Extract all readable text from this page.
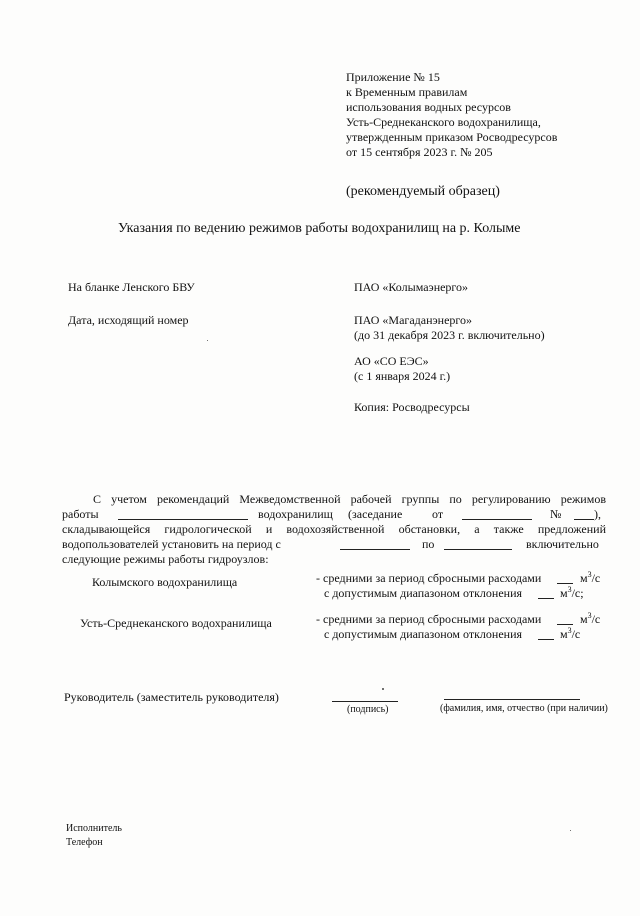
Приложение № 15
к Временным правилам
использования водных ресурсов
Усть-Среднеканского водохранилища,
утвержденным приказом Росводресурсов
от 15 сентября 2023 г. № 205
(рекомендуемый образец)
Указания по ведению режимов работы водохранилищ на р. Колыме
На бланке Ленского БВУ
Дата, исходящий номер
ПАО «Колымаэнерго»
ПАО «Магаданэнерго»
(до 31 декабря 2023 г. включительно)
АО «СО ЕЭС»
(с 1 января 2024 г.)
Копия: Росводресурсы
С учетом рекомендаций Межведомственной рабочей группы по регулированию режимов
работы	водохранилищ (заседание от	№	),
складывающейся гидрологической и водохозяйственной обстановки, а также предложений
водопользователей установить на период с	по	включительно
следующие режимы работы гидроузлов:
Колымского водохранилища	- средними за период сбросными расходами	$м^3/с$
с допустимым диапазоном отклонения	$м^3/с$;
Усть-Среднеканского водохранилища	- средними за период сбросными расходами	$м^3/с$
с допустимым диапазоном отклонения	$м^3/с$
Руководитель (заместитель руководителя)
(подпись)	(фамилия, имя, отчество (при наличии)
Исполнитель
Телефон
